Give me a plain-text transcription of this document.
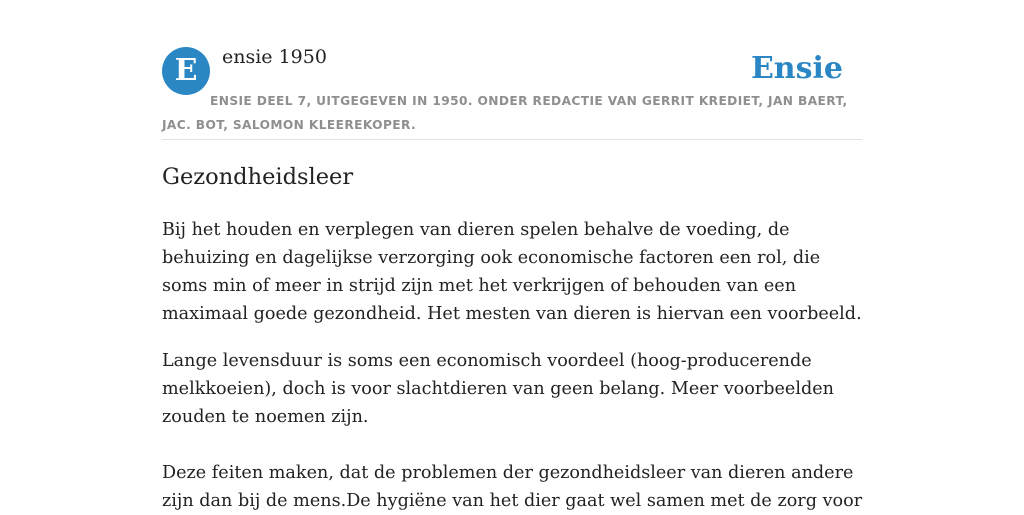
E ensie 1950	Ensie
ENSIE DEEL 7, UITGEGEVEN IN 1950. ONDER REDACTIE VAN GERRIT KREDIET, JAN BAERT, JAC. BOT, SALOMON KLEEREKOPER.
Gezondheidsleer

Bij het houden en verplegen van dieren spelen behalve de voeding, de behuizing en dagelijkse verzorging ook economische factoren een rol, die soms min of meer in strijd zijn met het verkrijgen of behouden van een maximaal goede gezondheid. Het mesten van dieren is hiervan een voorbeeld.

Lange levensduur is soms een economisch voordeel (hoog-producerende melkkoeien), doch is voor slachtdieren van geen belang. Meer voorbeelden zouden te noemen zijn.

Deze feiten maken, dat de problemen der gezondheidsleer van dieren andere zijn dan bij de mens.De hygiëne van het dier gaat wel samen met de zorg voor
